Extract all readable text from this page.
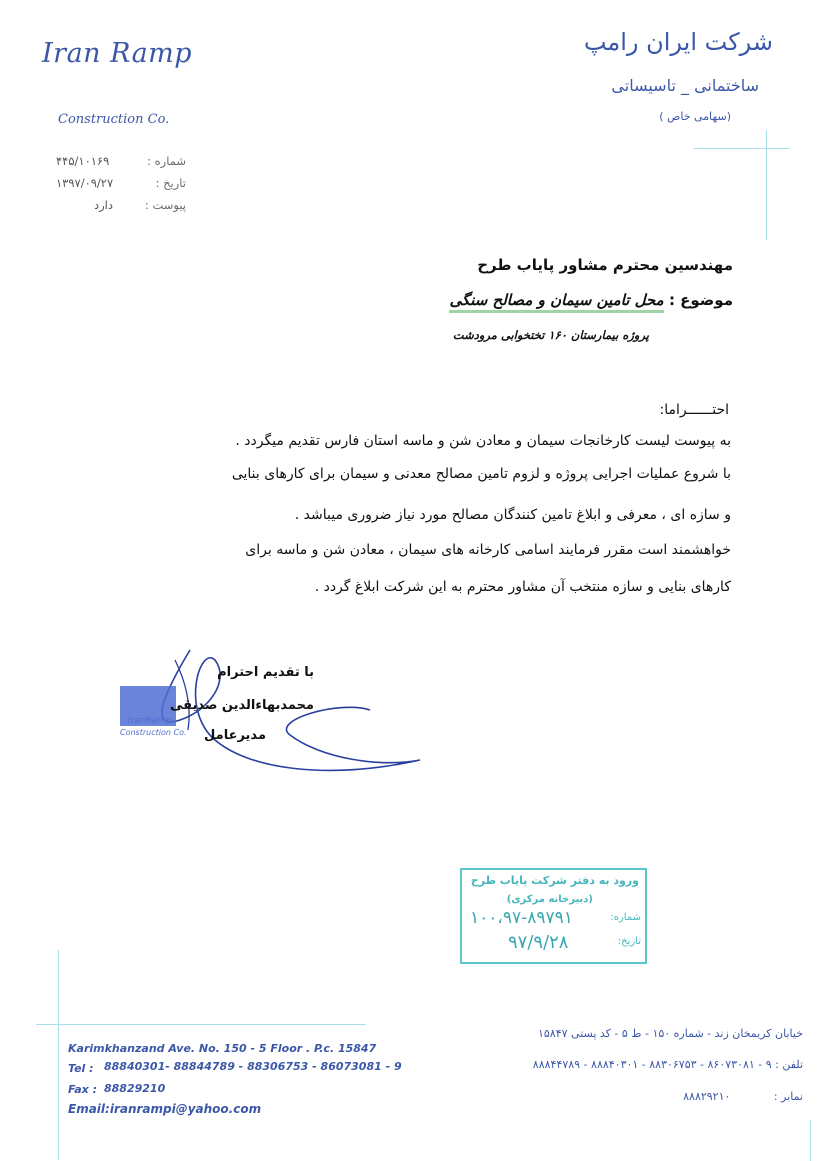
Iran Ramp
Construction Co.
شرکت ایران رامپ
ساختمانی _ تاسیساتی
(سهامی خاص )
شماره :
۴۴۵/۱۰۱۶۹
تاریخ :
۱۳۹۷/۰۹/۲۷
پیوست :
دارد
مهندسین محترم مشاور پایاب طرح
موضوع : محل تامین سیمان و مصالح سنگی
پروژه بیمارستان ۱۶۰ تختخوابی مرودشت
احتــــــراما:
به پیوست لیست کارخانجات سیمان و معادن شن و ماسه استان فارس تقدیم میگردد .
با شروع عملیات اجرایی پروژه و لزوم تامین مصالح معدنی و سیمان برای کارهای بنایی
و سازه ای ، معرفی و ابلاغ تامین کنندگان مصالح مورد نیاز ضروری میباشد .
خواهشمند است مقرر فرمایند اسامی کارخانه های سیمان ، معادن شن و ماسه برای
کارهای بنایی و سازه منتخب آن مشاور محترم به این شرکت ابلاغ گردد .
IranRamp
Construction Co.
با تقدیم احترام
محمدبهاءالدین صدیقی
مدیرعامل
ورود به دفتر شرکت پایاب طرح
(دبیرخانه مرکزی)
شماره:
۱۰۰،۹۷-۸۹۷۹۱
تاریخ:
۹۷/۹/۲۸
Karimkhanzand Ave. No. 150 - 5 Floor . P.c. 15847
Tel : 88840301- 88844789 - 88306753 - 86073081 - 9
Fax : 88829210
Email:iranrampi@yahoo.com
خیابان کریمخان زند - شماره ۱۵۰ - ط ۵ - کد پستی ۱۵۸۴۷
تلفن : ۹ - ۸۶۰۷۳۰۸۱ - ۸۸۳۰۶۷۵۳ - ۸۸۸۴۰۳۰۱ - ۸۸۸۴۴۷۸۹
نمابر : ۸۸۸۲۹۲۱۰
